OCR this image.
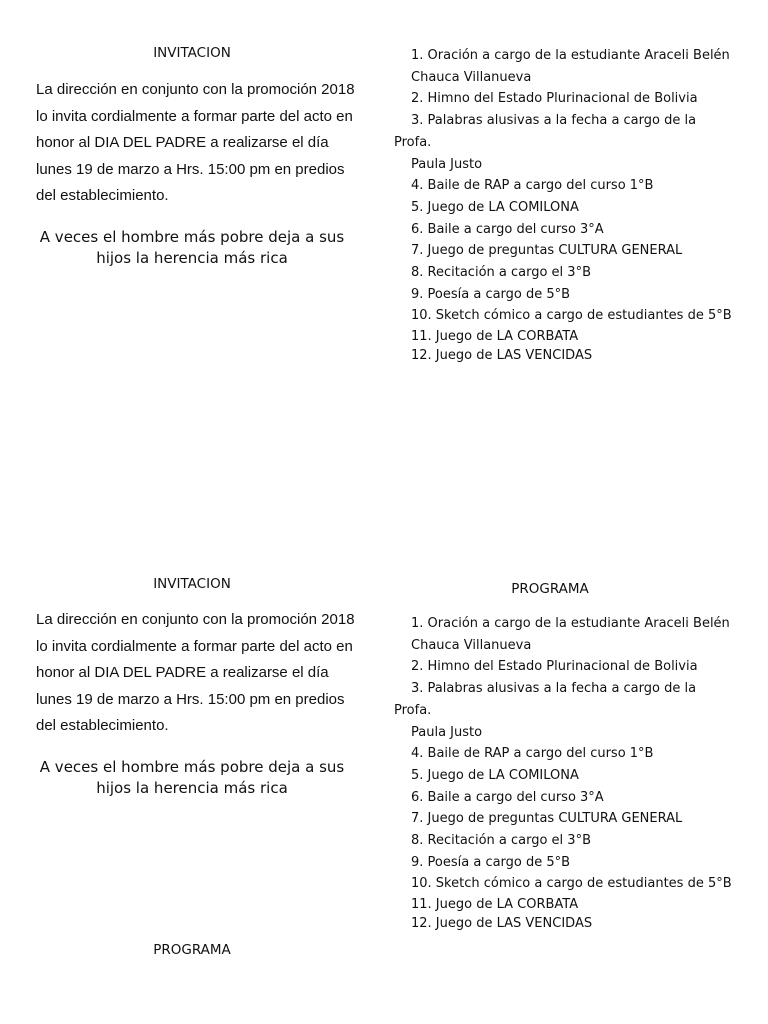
INVITACION
La dirección en conjunto con la promoción 2018 lo invita cordialmente a formar parte del acto en honor al DIA DEL PADRE a realizarse el día lunes 19 de marzo a Hrs. 15:00 pm en predios del establecimiento.
A veces el hombre más pobre deja a sus hijos la herencia más rica
1. Oración a cargo de la estudiante Araceli Belén
Chauca Villanueva
2. Himno del Estado Plurinacional de Bolivia
3. Palabras alusivas a la fecha a cargo de la
Profa.
Paula Justo
4. Baile de RAP a cargo del curso 1°B
5. Juego de LA COMILONA
6. Baile a cargo del curso 3°A
7. Juego de preguntas CULTURA GENERAL
8. Recitación a cargo el 3°B
9. Poesía a cargo de 5°B
10. Sketch cómico a cargo de estudiantes de 5°B
11. Juego de LA CORBATA
12. Juego de LAS VENCIDAS
INVITACION
La dirección en conjunto con la promoción 2018 lo invita cordialmente a formar parte del acto en honor al DIA DEL PADRE a realizarse el día lunes 19 de marzo a Hrs. 15:00 pm en predios del establecimiento.
A veces el hombre más pobre deja a sus hijos la herencia más rica
PROGRAMA
1. Oración a cargo de la estudiante Araceli Belén
Chauca Villanueva
2. Himno del Estado Plurinacional de Bolivia
3. Palabras alusivas a la fecha a cargo de la
Profa.
Paula Justo
4. Baile de RAP a cargo del curso 1°B
5. Juego de LA COMILONA
6. Baile a cargo del curso 3°A
7. Juego de preguntas CULTURA GENERAL
8. Recitación a cargo el 3°B
9. Poesía a cargo de 5°B
10. Sketch cómico a cargo de estudiantes de 5°B
11. Juego de LA CORBATA
12. Juego de LAS VENCIDAS
PROGRAMA
